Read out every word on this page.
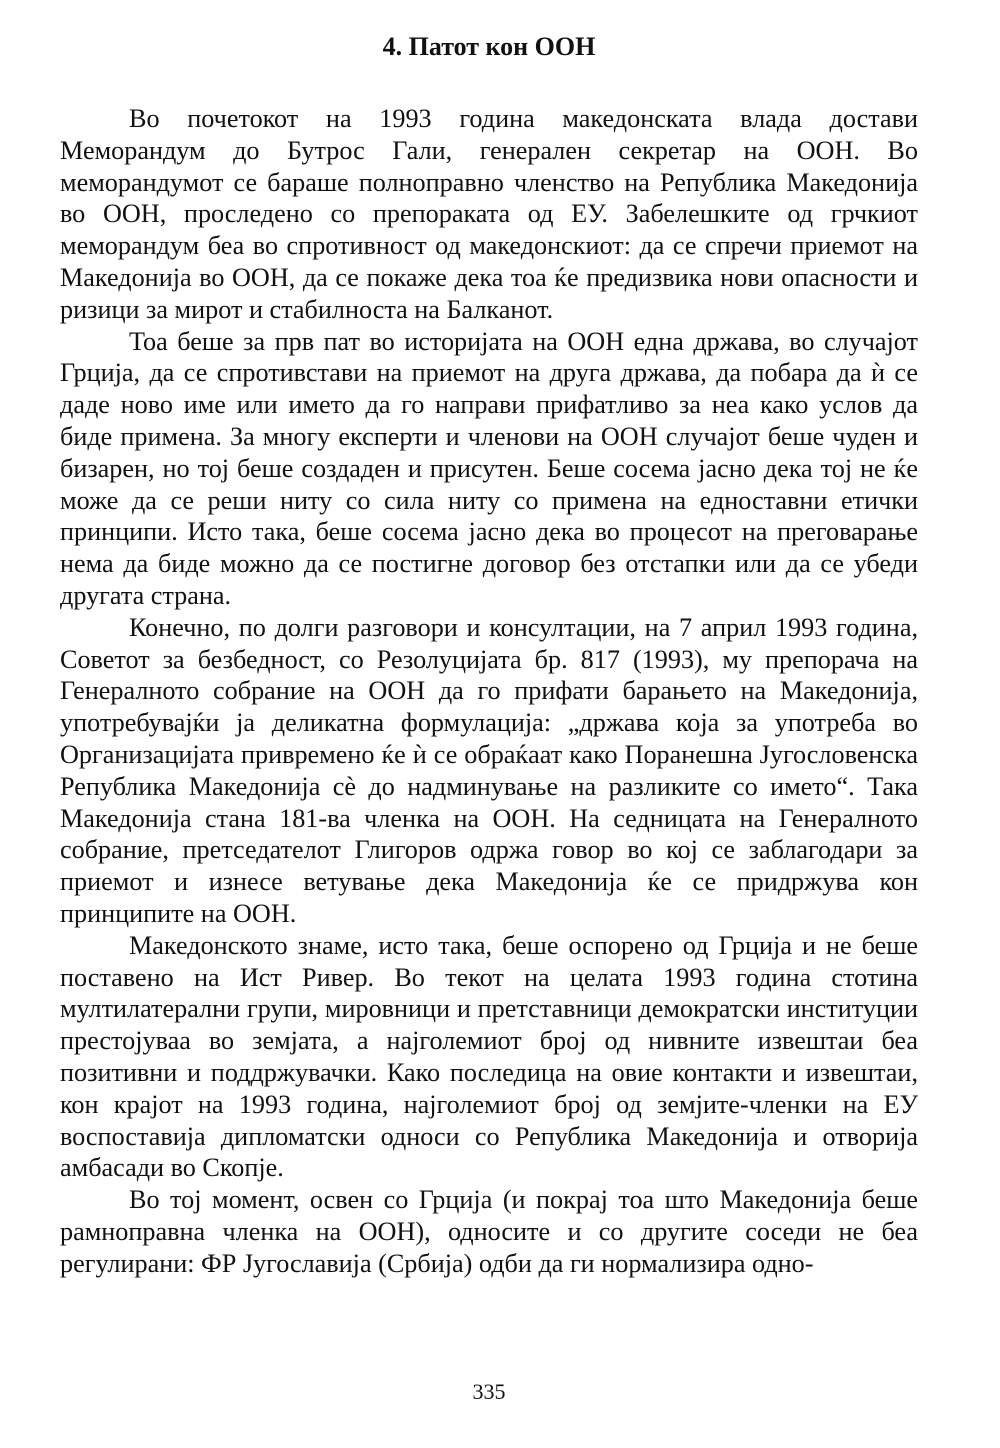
4. Патот кон ООН

Во почетокот на 1993 година македонската влада достави Меморандум до Бутрос Гали, генерален секретар на ООН. Во меморандумот се бараше полноправно членство на Република Македонија во ООН, проследено со препораката од ЕУ. Забелешките од грчкиот меморандум беа во спротивност од македонскиот: да се спречи приемот на Македонија во ООН, да се покаже дека тоа ќе предизвика нови опасности и ризици за мирот и стабилноста на Балканот.

Тоа беше за прв пат во историјата на ООН една држава, во случајот Грција, да се спротивстави на приемот на друга држава, да побара да ѝ се даде ново име или името да го направи прифатливо за неа како услов да биде примена. За многу експерти и членови на ООН случајот беше чуден и бизарен, но тој беше создаден и присутен. Беше сосема јасно дека тој не ќе може да се реши ниту со сила ниту со примена на едноставни етички принципи. Исто така, беше сосема јасно дека во процесот на преговарање нема да биде можно да се постигне договор без отстапки или да се убеди другата страна.

Конечно, по долги разговори и консултации, на 7 април 1993 година, Советот за безбедност, со Резолуцијата бр. 817 (1993), му препорача на Генералното собрание на ООН да го прифати барањето на Македонија, употребувајќи ја деликатна формулација: „држава која за употреба во Организацијата привремено ќе ѝ се обраќаат како Поранешна Југословенска Република Македонија сè до надминување на разликите со името“. Така Македонија стана 181-ва членка на ООН. На седницата на Генералното собрание, претседателот Глигоров одржа говор во кој се заблагодари за приемот и изнесе ветување дека Македонија ќе се придржува кон принципите на ООН.

Македонското знаме, исто така, беше оспорено од Грција и не беше поставено на Ист Ривер. Во текот на целата 1993 година стотина мултилатерални групи, мировници и претставници демократски институции престојуваа во земјата, а најголемиот број од нивните извештаи беа позитивни и поддржувачки. Како последица на овие контакти и извештаи, кон крајот на 1993 година, најголемиот број од земјите-членки на ЕУ воспоставија дипломатски односи со Република Македонија и отворија амбасади во Скопје.

Во тој момент, освен со Грција (и покрај тоа што Македонија беше рамноправна членка на ООН), односите и со другите соседи не беа регулирани: ФР Југославија (Србија) одби да ги нормализира одно-

335
